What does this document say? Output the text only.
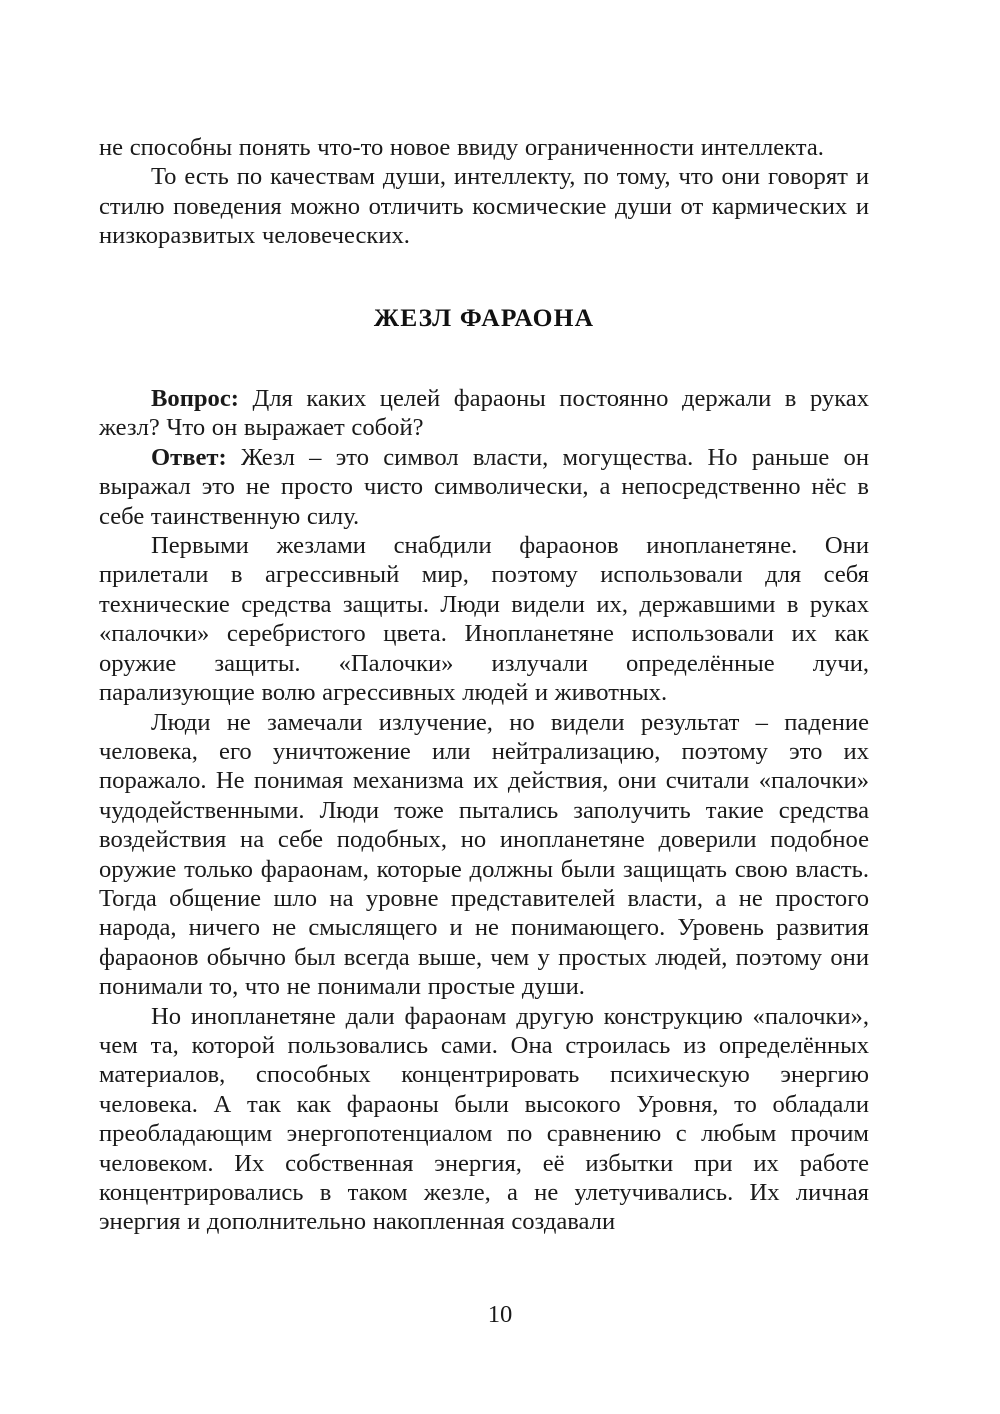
не способны понять что-то новое ввиду ограниченности интеллекта.

То есть по качествам души, интеллекту, по тому, что они говорят и стилю поведения можно отличить космические души от кармических и низкоразвитых человеческих.

ЖЕЗЛ ФАРАОНА

Вопрос: Для каких целей фараоны постоянно держали в руках жезл? Что он выражает собой?

Ответ: Жезл – это символ власти, могущества. Но раньше он выражал это не просто чисто символически, а непосредственно нёс в себе таинственную силу.

Первыми жезлами снабдили фараонов инопланетяне. Они прилетали в агрессивный мир, поэтому использовали для себя технические средства защиты. Люди видели их, державшими в руках «палочки» серебристого цвета. Инопланетяне использовали их как оружие защиты. «Палочки» излучали определённые лучи, парализующие волю агрессивных людей и животных.

Люди не замечали излучение, но видели результат – падение человека, его уничтожение или нейтрализацию, поэтому это их поражало. Не понимая механизма их действия, они считали «палочки» чудодейственными. Люди тоже пытались заполучить такие средства воздействия на себе подобных, но инопланетяне доверили подобное оружие только фараонам, которые должны были защищать свою власть. Тогда общение шло на уровне представителей власти, а не простого народа, ничего не смыслящего и не понимающего. Уровень развития фараонов обычно был всегда выше, чем у простых людей, поэтому они понимали то, что не понимали простые души.

Но инопланетяне дали фараонам другую конструкцию «палочки», чем та, которой пользовались сами. Она строилась из определённых материалов, способных концентрировать психическую энергию человека. А так как фараоны были высокого Уровня, то обладали преобладающим энергопотенциалом по сравнению с любым прочим человеком. Их собственная энергия, её избытки при их работе концентрировались в таком жезле, а не улетучивались. Их личная энергия и дополнительно накопленная создавали

10
